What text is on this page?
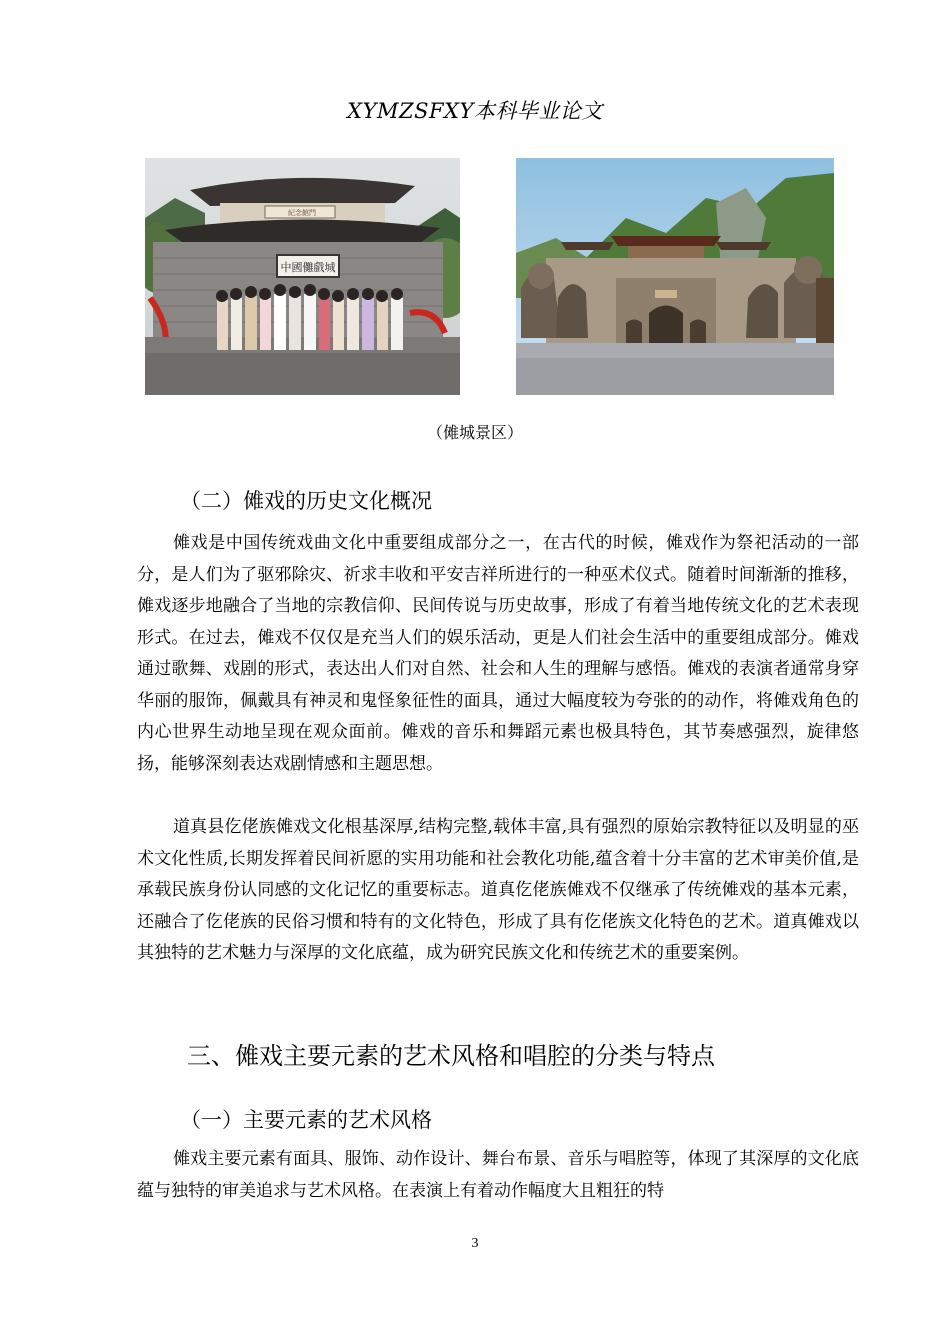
XYMZSFXY本科毕业论文
中國儺戲城
紀念館門
（傩城景区）
（二）傩戏的历史文化概况

傩戏是中国传统戏曲文化中重要组成部分之一，在古代的时候，傩戏作为祭祀活动的一部分，是人们为了驱邪除灾、祈求丰收和平安吉祥所进行的一种巫术仪式。随着时间渐渐的推移，傩戏逐步地融合了当地的宗教信仰、民间传说与历史故事，形成了有着当地传统文化的艺术表现形式。在过去，傩戏不仅仅是充当人们的娱乐活动，更是人们社会生活中的重要组成部分。傩戏通过歌舞、戏剧的形式，表达出人们对自然、社会和人生的理解与感悟。傩戏的表演者通常身穿华丽的服饰，佩戴具有神灵和鬼怪象征性的面具，通过大幅度较为夸张的的动作，将傩戏角色的内心世界生动地呈现在观众面前。傩戏的音乐和舞蹈元素也极具特色，其节奏感强烈，旋律悠扬，能够深刻表达戏剧情感和主题思想。

道真县仡佬族傩戏文化根基深厚,结构完整,载体丰富,具有强烈的原始宗教特征以及明显的巫术文化性质,长期发挥着民间祈愿的实用功能和社会教化功能,蕴含着十分丰富的艺术审美价值,是承载民族身份认同感的文化记忆的重要标志。道真仡佬族傩戏不仅继承了传统傩戏的基本元素，还融合了仡佬族的民俗习惯和特有的文化特色，形成了具有仡佬族文化特色的艺术。道真傩戏以其独特的艺术魅力与深厚的文化底蕴，成为研究民族文化和传统艺术的重要案例。

三、傩戏主要元素的艺术风格和唱腔的分类与特点
（一）主要元素的艺术风格

傩戏主要元素有面具、服饰、动作设计、舞台布景、音乐与唱腔等，体现了其深厚的文化底蕴与独特的审美追求与艺术风格。在表演上有着动作幅度大且粗狂的特

3
